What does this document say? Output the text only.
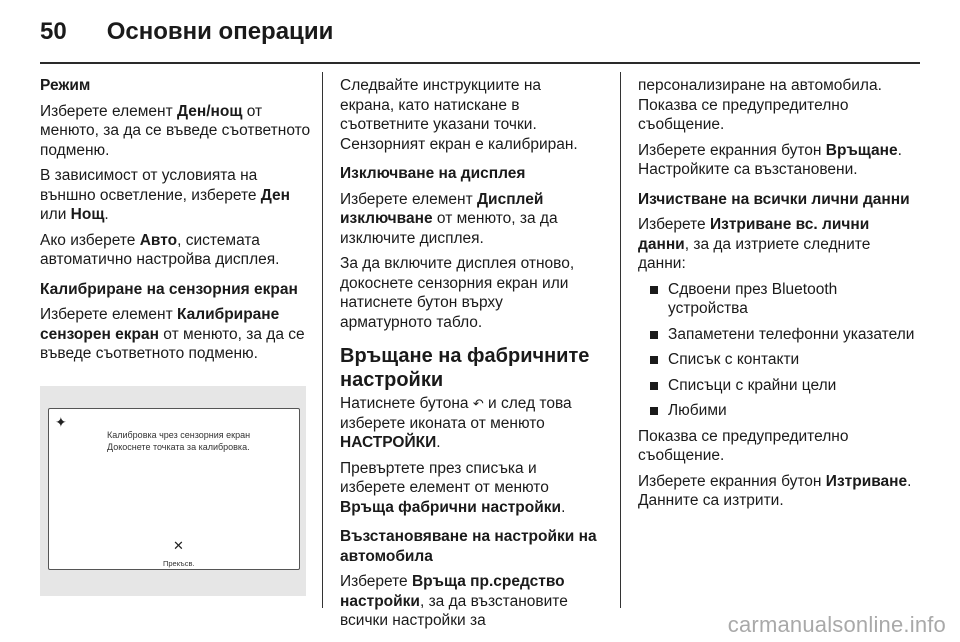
50 Основни операции

Режим

Изберете елемент Ден/нощ от менюто, за да се въведе съответното подменю.

В зависимост от условията на външно осветление, изберете Ден или Нощ.

Ако изберете Авто, системата автоматично настройва дисплея.

Калибриране на сензорния екран

Изберете елемент Калибриране сензорен екран от менюто, за да се въведе съответното подменю.

✦
Калибровка чрез сензорния екран
Докоснете точката за калибровка.
✕
Прекъсв.

Следвайте инструкциите на екрана, като натискане в съответните указани точки. Сензорният екран е калибриран.

Изключване на дисплея

Изберете елемент Дисплей изключване от менюто, за да изключите дисплея.

За да включите дисплея отново, докоснете сензорния екран или натиснете бутон върху арматурното табло.

Връщане на фабричните настройки

Натиснете бутона ↶ и след това изберете иконата от менюто НАСТРОЙКИ.

Превъртете през списъка и изберете елемент от менюто Връща фабрични настройки.

Възстановяване на настройки на автомобила

Изберете Връща пр.средство настройки, за да възстановите всички настройки за

персонализиране на автомобила. Показва се предупредително съобщение.

Изберете екранния бутон Връщане. Настройките са възстановени.

Изчистване на всички лични данни

Изберете Изтриване вс. лични данни, за да изтриете следните данни:

Сдвоени през Bluetooth устройства
Запаметени телефонни указатели
Списък с контакти
Списъци с крайни цели
Любими

Показва се предупредително съобщение.

Изберете екранния бутон Изтриване. Данните са изтрити.

carmanualsonline.info
